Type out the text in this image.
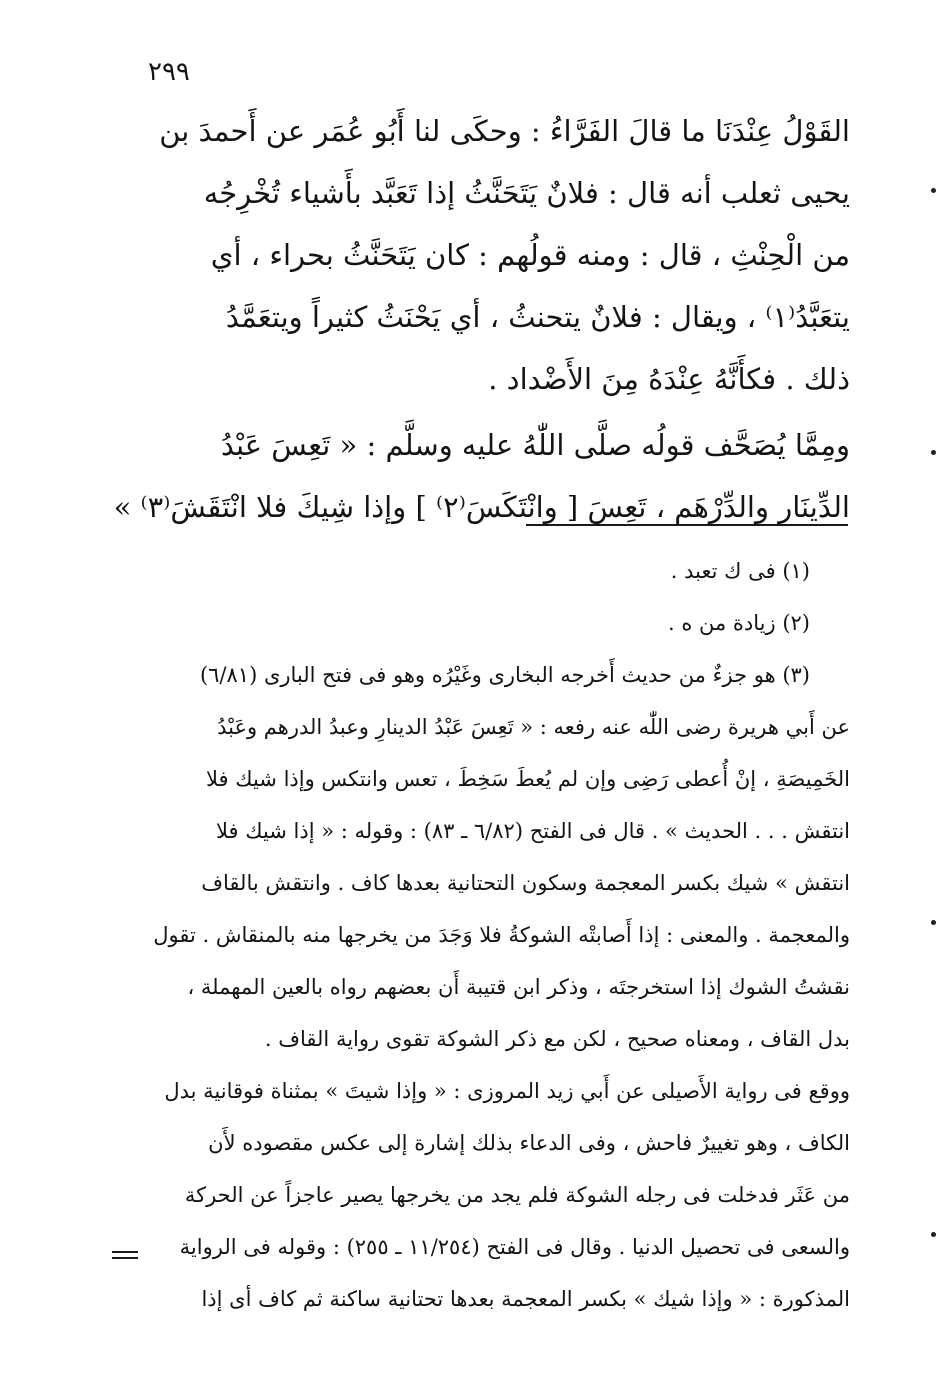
٢٩٩
القَوْلُ عِنْدَنَا ما قالَ الفَرَّاءُ : وحكَى لنا أَبُو عُمَر عن أَحمدَ بن
يحيى ثعلب أنه قال : فلانٌ يَتَحَنَّثُ إذا تَعَبَّد بأَشياء تُخْرِجُه
من الْحِنْثِ ، قال : ومنه قولُهم : كان يَتَحَنَّثُ بحراء ، أي
يتعَبَّدُ⁽١⁾ ، ويقال : فلانٌ يتحنثُ ، أي يَحْنَثُ كثيراً ويتعَمَّدُ
ذلك . فكأَنَّهُ عِنْدَهُ مِنَ الأَضْداد .
ومِمَّا يُصَحَّف قولُه صلَّى اللّٰهُ عليه وسلَّم : « تَعِسَ عَبْدُ
الدِّينَار والدِّرْهَم ، تَعِسَ [ وانْتَكَسَ⁽٢⁾ ] وإذا شِيكَ فلا انْتَقَشَ⁽٣⁾ »
(١) فى ك تعبد .
(٢) زيادة من ه .
(٣) هو جزءٌ من حديث أَخرجه البخارى وغَيْرُه وهو فى فتح البارى (٦/٨١)
عن أَبي هريرة رضى اللّٰه عنه رفعه : « تَعِسَ عَبْدُ الدينارِ وعبدُ الدرهم وعَبْدُ
الخَمِيصَةِ ، إنْ أُعطى رَضِى وإن لم يُعطَ سَخِطَ ، تعس وانتكس وإذا شيك فلا
انتقش . . . الحديث » . قال فى الفتح (٦/٨٢ ـ ٨٣) : وقوله : « إذا شيك فلا
انتقش » شيك بكسر المعجمة وسكون التحتانية بعدها كاف . وانتقش بالقاف
والمعجمة . والمعنى : إذا أَصابتْه الشوكةُ فلا وَجَدَ من يخرجها منه بالمنقاش . تقول
نقشتُ الشوك إذا استخرجتَه ، وذكر ابن قتيبة أَن بعضهم رواه بالعين المهملة ،
بدل القاف ، ومعناه صحيح ، لكن مع ذكر الشوكة تقوى رواية القاف .
ووقع فى رواية الأَصيلى عن أَبي زيد المروزى : « وإذا شيتَ » بمثناة فوقانية بدل
الكاف ، وهو تغييرٌ فاحش ، وفى الدعاء بذلك إشارة إلى عكس مقصوده لأَن
من عَثَر فدخلت فى رجله الشوكة فلم يجد من يخرجها يصير عاجزاً عن الحركة
والسعى فى تحصيل الدنيا . وقال فى الفتح (١١/٢٥٤ ـ ٢٥٥) : وقوله فى الرواية
المذكورة : « وإذا شيك » بكسر المعجمة بعدها تحتانية ساكنة ثم كاف أى إذا
